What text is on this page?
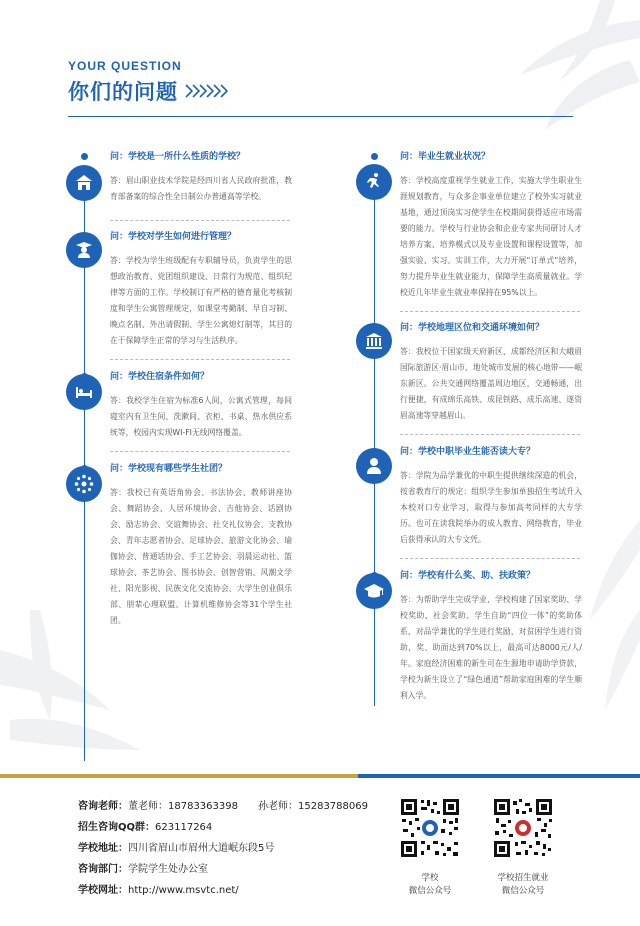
YOUR QUESTION
你们的问题
问：学校是一所什么性质的学校？
答：眉山职业技术学院是经四川省人民政府批准，教育部备案的综合性全日制公办普通高等学校。
问：学校对学生如何进行管理？
答：学校为学生班级配有专职辅导员，负责学生的思想政治教育、党团组织建设、日常行为规范、组织纪律等方面的工作。学校制订有严格的德育量化考核制度和学生公寓管理规定，如课堂考勤制、早自习制、晚点名制、外出请假制、学生公寓熄灯制等，其目的在于保障学生正常的学习与生活秩序。
问：学校住宿条件如何？
答：我校学生住宿为标准6人间，公寓式管理，每间寝室内有卫生间、洗漱间、衣柜、书桌、热水供应系统等，校园内实现WI-FI无线网络覆盖。
问：学校现有哪些学生社团？
答：我校已有英语角协会、书法协会、教师讲座协会、舞蹈协会、人居环境协会、吉他协会、话剧协会、励志协会、交谊舞协会、社交礼仪协会、支教协会、青年志愿者协会、足球协会、旅游文化协会、瑜伽协会、普通话协会、手工艺协会、羽晨运动社、篮球协会、茶艺协会、图书协会、创智营销、风潮文学社、阳光影视、民族文化交流协会、大学生创业俱乐部、朋辈心理联盟、计算机维修协会等31个学生社团。
问：毕业生就业状况？
答：学校高度重视学生就业工作，实施大学生职业生涯规划教育，与众多企事业单位建立了校外实习就业基地，通过顶岗实习使学生在校期间获得适应市场需要的能力。学校与行业协会和企业专家共同研讨人才培养方案、培养模式以及专业设置和课程设置等，加强实验、实习、实训工作，大力开展“订单式”培养，努力提升毕业生就业能力，保障学生高质量就业。学校近几年毕业生就业率保持在95%以上。
问：学校地理区位和交通环境如何？
答：我校位于国家级天府新区、成都经济区和大峨眉国际旅游区·眉山市，地处城市发展的核心地带——岷东新区。公共交通网络覆盖周边地区，交通畅通，出行便捷，有成绵乐高铁、成昆铁路、成乐高速、遂资眉高速等穿越眉山。
问：学校中职毕业生能否读大专？
答：学院为品学兼优的中职生提供继续深造的机会，按省教育厅的规定：组织学生参加单独招生考试升入本校对口专业学习，取得与参加高考同样的大专学历。也可在读我院举办的成人教育、网络教育，毕业后获得承认的大专文凭。
问：学校有什么奖、助、扶政策？
答：为帮助学生完成学业，学校构建了国家奖助、学校奖助、社会奖助、学生自助“四位一体”的奖助体系，对品学兼优的学生进行奖励，对贫困学生进行资助，奖、助面达到70%以上，最高可达8000元/人/年。家庭经济困难的新生可在生源地申请助学贷款，学校为新生设立了“绿色通道”帮助家庭困难的学生顺利入学。
咨询老师：董老师：18783363398 孙老师：15283788069
招生咨询QQ群：623117264
学校地址：四川省眉山市眉州大道岷东段5号
咨询部门：学院学生处办公室
学校网址：http://www.msvtc.net/
学校
微信公众号
学校招生就业
微信公众号
